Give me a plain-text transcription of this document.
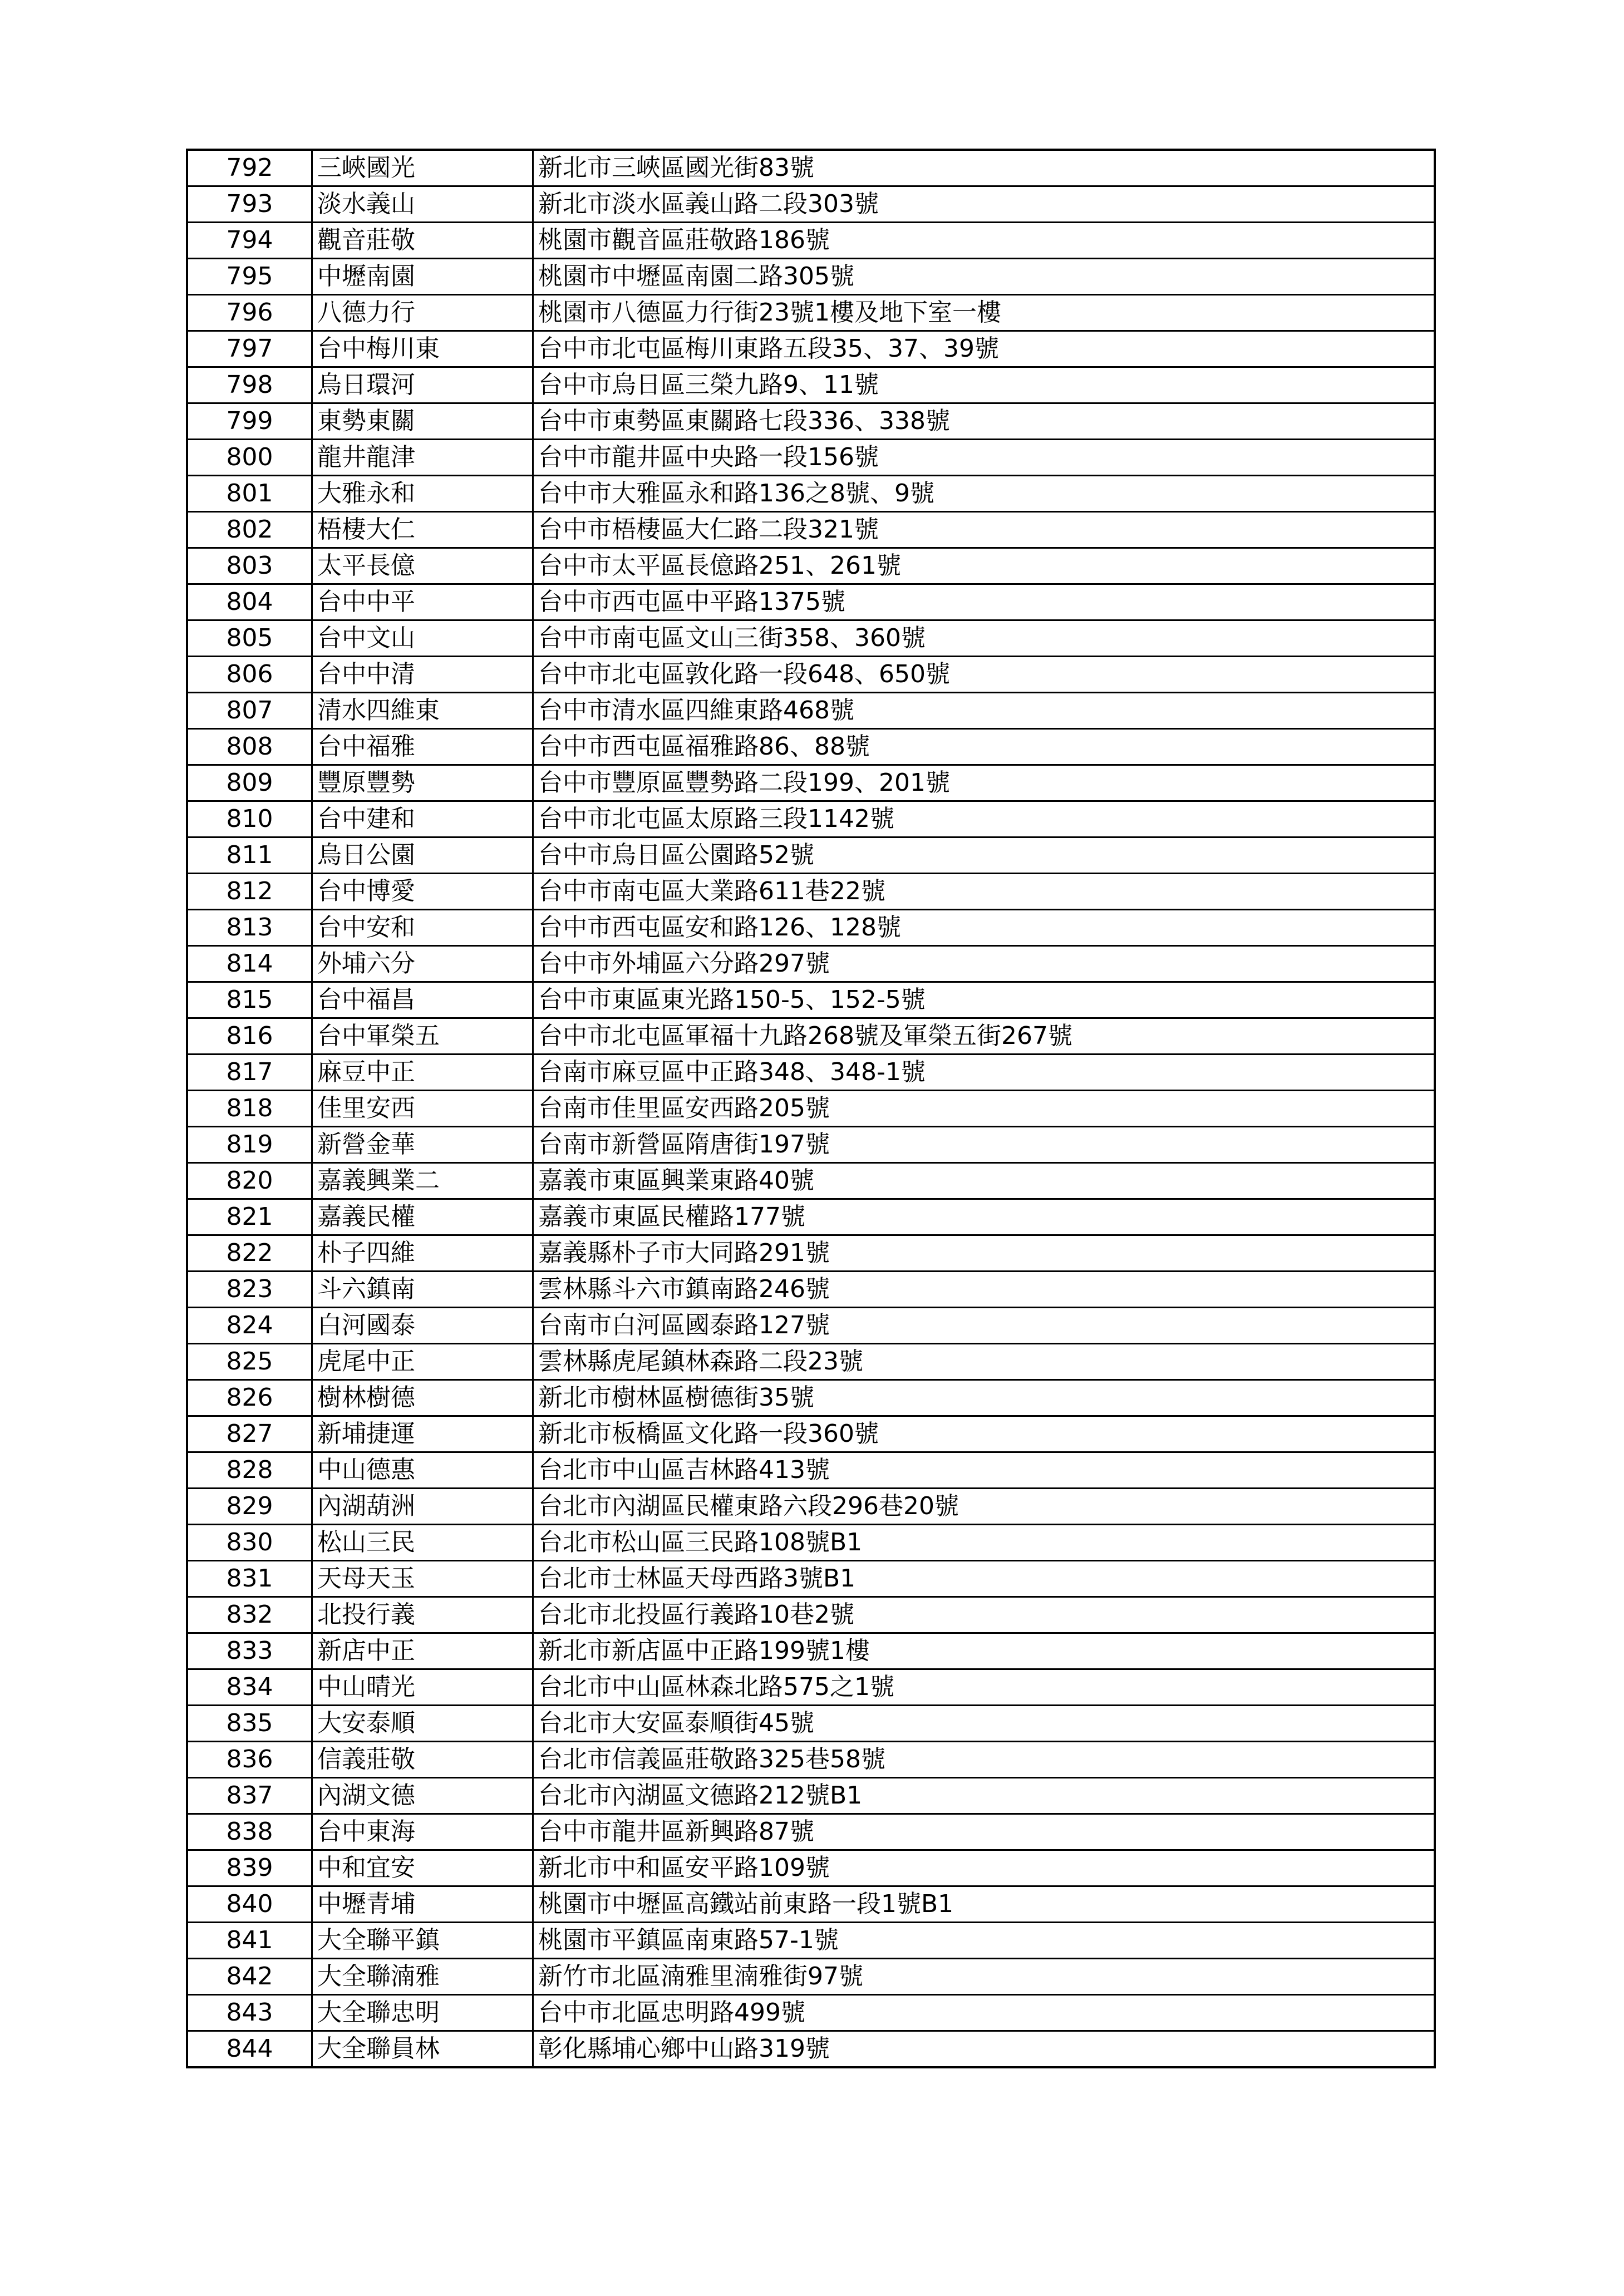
792	三峽國光	新北市三峽區國光街83號
793	淡水義山	新北市淡水區義山路二段303號
794	觀音莊敬	桃園市觀音區莊敬路186號
795	中壢南園	桃園市中壢區南園二路305號
796	八德力行	桃園市八德區力行街23號1樓及地下室一樓
797	台中梅川東	台中市北屯區梅川東路五段35、37、39號
798	烏日環河	台中市烏日區三榮九路9、11號
799	東勢東關	台中市東勢區東關路七段336、338號
800	龍井龍津	台中市龍井區中央路一段156號
801	大雅永和	台中市大雅區永和路136之8號、9號
802	梧棲大仁	台中市梧棲區大仁路二段321號
803	太平長億	台中市太平區長億路251、261號
804	台中中平	台中市西屯區中平路1375號
805	台中文山	台中市南屯區文山三街358、360號
806	台中中清	台中市北屯區敦化路一段648、650號
807	清水四維東	台中市清水區四維東路468號
808	台中福雅	台中市西屯區福雅路86、88號
809	豐原豐勢	台中市豐原區豐勢路二段199、201號
810	台中建和	台中市北屯區太原路三段1142號
811	烏日公園	台中市烏日區公園路52號
812	台中博愛	台中市南屯區大業路611巷22號
813	台中安和	台中市西屯區安和路126、128號
814	外埔六分	台中市外埔區六分路297號
815	台中福昌	台中市東區東光路150-5、152-5號
816	台中軍榮五	台中市北屯區軍福十九路268號及軍榮五街267號
817	麻豆中正	台南市麻豆區中正路348、348-1號
818	佳里安西	台南市佳里區安西路205號
819	新營金華	台南市新營區隋唐街197號
820	嘉義興業二	嘉義市東區興業東路40號
821	嘉義民權	嘉義市東區民權路177號
822	朴子四維	嘉義縣朴子市大同路291號
823	斗六鎮南	雲林縣斗六市鎮南路246號
824	白河國泰	台南市白河區國泰路127號
825	虎尾中正	雲林縣虎尾鎮林森路二段23號
826	樹林樹德	新北市樹林區樹德街35號
827	新埔捷運	新北市板橋區文化路一段360號
828	中山德惠	台北市中山區吉林路413號
829	內湖葫洲	台北市內湖區民權東路六段296巷20號
830	松山三民	台北市松山區三民路108號B1
831	天母天玉	台北市士林區天母西路3號B1
832	北投行義	台北市北投區行義路10巷2號
833	新店中正	新北市新店區中正路199號1樓
834	中山晴光	台北市中山區林森北路575之1號
835	大安泰順	台北市大安區泰順街45號
836	信義莊敬	台北市信義區莊敬路325巷58號
837	內湖文德	台北市內湖區文德路212號B1
838	台中東海	台中市龍井區新興路87號
839	中和宜安	新北市中和區安平路109號
840	中壢青埔	桃園市中壢區高鐵站前東路一段1號B1
841	大全聯平鎮	桃園市平鎮區南東路57-1號
842	大全聯湳雅	新竹市北區湳雅里湳雅街97號
843	大全聯忠明	台中市北區忠明路499號
844	大全聯員林	彰化縣埔心鄉中山路319號
